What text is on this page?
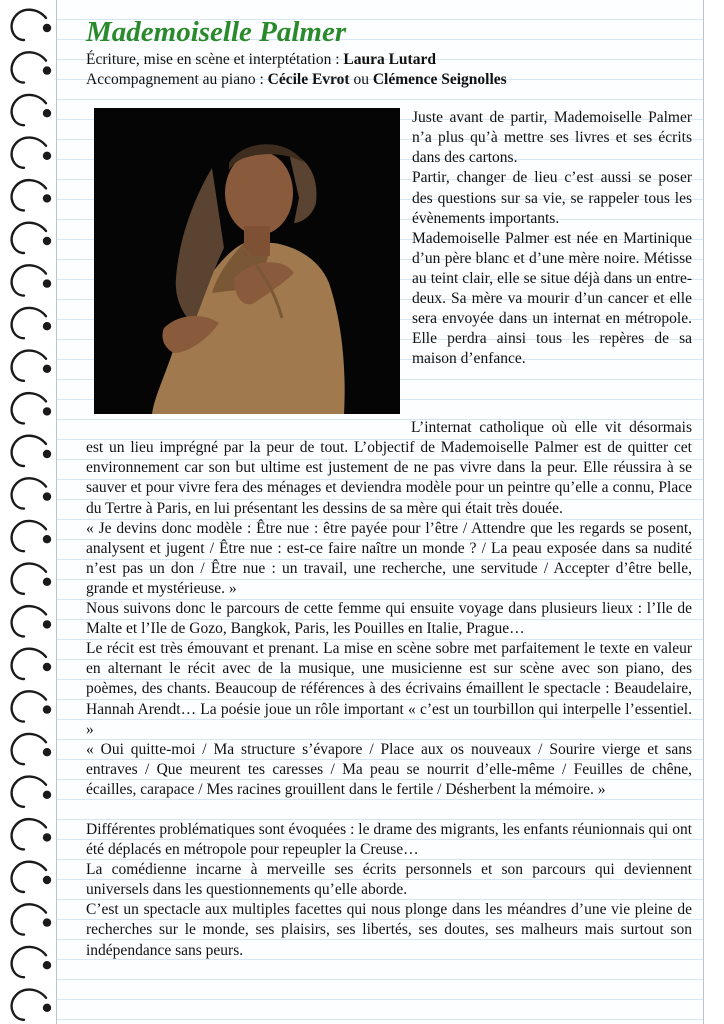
Mademoiselle Palmer
Écriture, mise en scène et interptétation : Laura Lutard
Accompagnement au piano : Cécile Evrot ou Clémence Seignolles

Juste avant de partir, Mademoiselle Palmer n’a plus qu’à mettre ses livres et ses écrits dans des cartons.

Partir, changer de lieu c’est aussi se poser des questions sur sa vie, se rappeler tous les évènements importants.

Mademoiselle Palmer est née en Martinique d’un père blanc et d’une mère noire. Métisse au teint clair, elle se situe déjà dans un entre-deux. Sa mère va mourir d’un cancer et elle sera envoyée dans un internat en métropole. Elle perdra ainsi tous les repères de sa maison d’enfance.

L’internat catholique où elle vit désormais est un lieu imprégné par la peur de tout. L’objectif de Mademoiselle Palmer est de quitter cet environnement car son but ultime est justement de ne pas vivre dans la peur. Elle réussira à se sauver et pour vivre fera des ménages et deviendra modèle pour un peintre qu’elle a connu, Place du Tertre à Paris, en lui présentant les dessins de sa mère qui était très douée.

« Je devins donc modèle : Être nue : être payée pour l’être / Attendre que les regards se posent, analysent et jugent / Être nue : est-ce faire naître un monde ? / La peau exposée dans sa nudité n’est pas un don / Être nue : un travail, une recherche, une servitude / Accepter d’être belle, grande et mystérieuse. »

Nous suivons donc le parcours de cette femme qui ensuite voyage dans plusieurs lieux : l’Ile de Malte et l’Ile de Gozo, Bangkok, Paris, les Pouilles en Italie, Prague…

Le récit est très émouvant et prenant. La mise en scène sobre met parfaitement le texte en valeur en alternant le récit avec de la musique, une musicienne est sur scène avec son piano, des poèmes, des chants. Beaucoup de références à des écrivains émaillent le spectacle : Beaudelaire, Hannah Arendt… La poésie joue un rôle important « c’est un tourbillon qui interpelle l’essentiel. »

« Oui quitte-moi / Ma structure s’évapore / Place aux os nouveaux / Sourire vierge et sans entraves / Que meurent tes caresses / Ma peau se nourrit d’elle-même / Feuilles de chêne, écailles, carapace / Mes racines grouillent dans le fertile / Désherbent la mémoire. »

Différentes problématiques sont évoquées : le drame des migrants, les enfants réunionnais qui ont été déplacés en métropole pour repeupler la Creuse…

La comédienne incarne à merveille ses écrits personnels et son parcours qui deviennent universels dans les questionnements qu’elle aborde.

C’est un spectacle aux multiples facettes qui nous plonge dans les méandres d’une vie pleine de recherches sur le monde, ses plaisirs, ses libertés, ses doutes, ses malheurs mais surtout son indépendance sans peurs.
